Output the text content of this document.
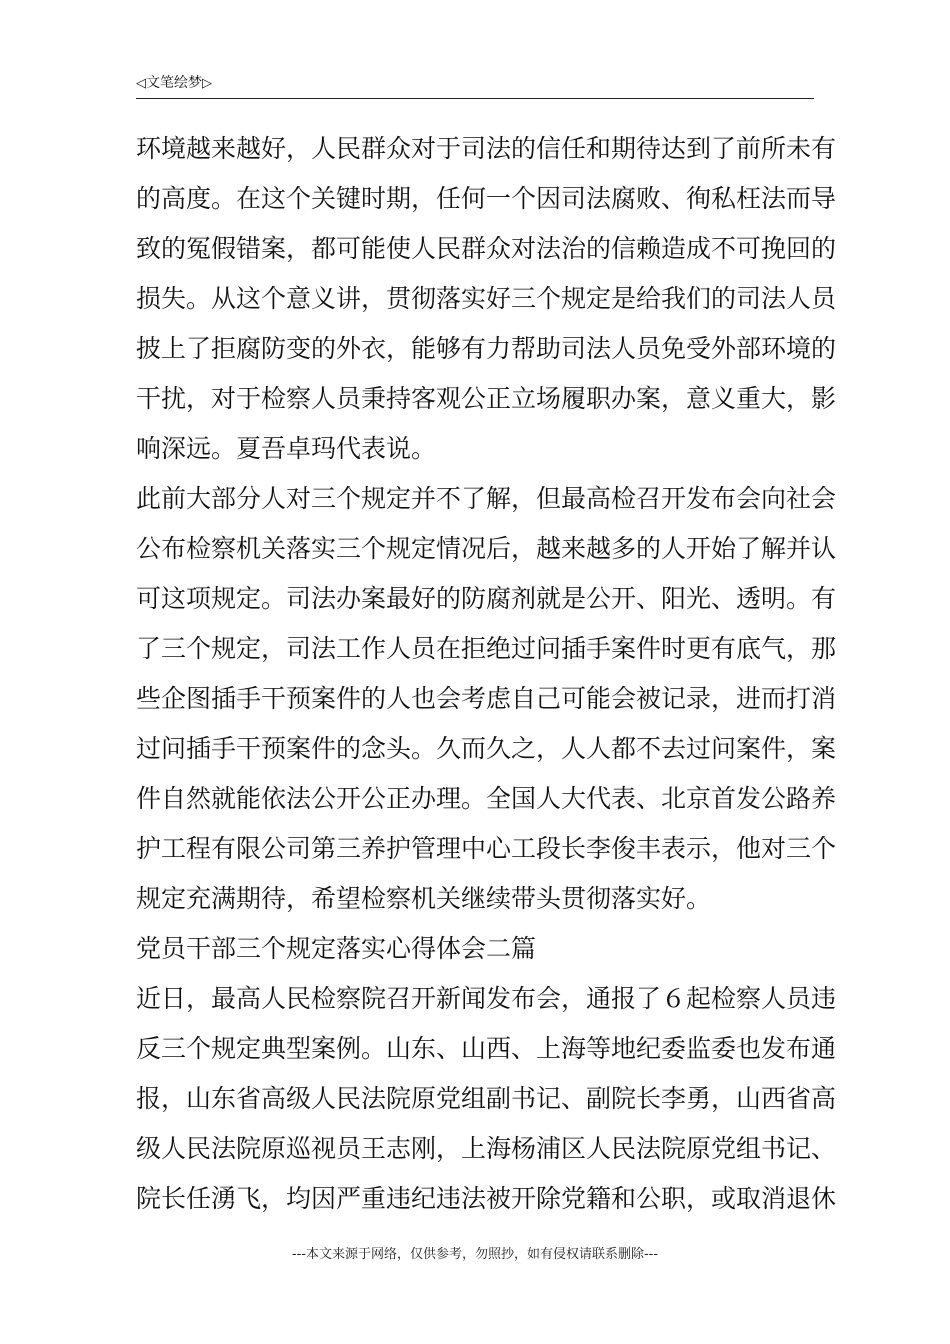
◁文笔绘梦▷
环境越来越好，人民群众对于司法的信任和期待达到了前所未有
的高度。在这个关键时期，任何一个因司法腐败、徇私枉法而导
致的冤假错案，都可能使人民群众对法治的信赖造成不可挽回的
损失。从这个意义讲，贯彻落实好三个规定是给我们的司法人员
披上了拒腐防变的外衣，能够有力帮助司法人员免受外部环境的
干扰，对于检察人员秉持客观公正立场履职办案，意义重大，影
响深远。夏吾卓玛代表说。
此前大部分人对三个规定并不了解，但最高检召开发布会向社会
公布检察机关落实三个规定情况后，越来越多的人开始了解并认
可这项规定。司法办案最好的防腐剂就是公开、阳光、透明。有
了三个规定，司法工作人员在拒绝过问插手案件时更有底气，那
些企图插手干预案件的人也会考虑自己可能会被记录，进而打消
过问插手干预案件的念头。久而久之，人人都不去过问案件，案
件自然就能依法公开公正办理。全国人大代表、北京首发公路养
护工程有限公司第三养护管理中心工段长李俊丰表示，他对三个
规定充满期待，希望检察机关继续带头贯彻落实好。
党员干部三个规定落实心得体会二篇
近日，最高人民检察院召开新闻发布会，通报了６起检察人员违
反三个规定典型案例。山东、山西、上海等地纪委监委也发布通
报，山东省高级人民法院原党组副书记、副院长李勇，山西省高
级人民法院原巡视员王志刚，上海杨浦区人民法院原党组书记、
院长任湧飞，均因严重违纪违法被开除党籍和公职，或取消退休
---本文来源于网络，仅供参考，勿照抄，如有侵权请联系删除---
